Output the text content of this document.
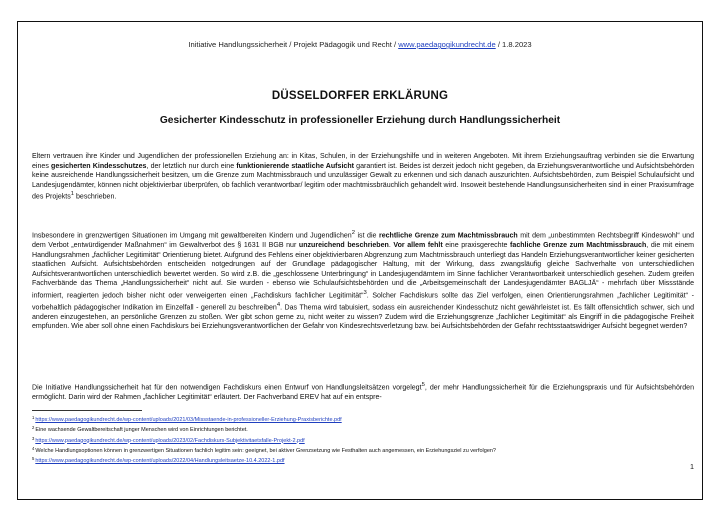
Initiative Handlungssicherheit / Projekt Pädagogik und Recht / www.paedagogikundrecht.de / 1.8.2023
DÜSSELDORFER ERKLÄRUNG
Gesicherter Kindesschutz in professioneller Erziehung durch Handlungssicherheit
Eltern vertrauen ihre Kinder und Jugendlichen der professionellen Erziehung an: in Kitas, Schulen, in der Erziehungshilfe und in weiteren Angeboten. Mit ihrem Erziehungsauftrag verbinden sie die Erwartung eines gesicherten Kindesschutzes, der letztlich nur durch eine funktionierende staatliche Aufsicht garantiert ist. Beides ist derzeit jedoch nicht gegeben, da Erziehungsverantwortliche und Aufsichtsbehörden keine ausreichende Handlungssicherheit besitzen, um die Grenze zum Machtmissbrauch und unzulässiger Gewalt zu erkennen und sich danach auszurichten. Aufsichtsbehörden, zum Beispiel Schulaufsicht und Landesjugendämter, können nicht objektivierbar überprüfen, ob fachlich verantwortbar/ legitim oder machtmissbräuchlich gehandelt wird. Insoweit bestehende Handlungsunsicherheiten sind in einer Praxisumfrage des Projekts$^1$ beschrieben.
Insbesondere in grenzwertigen Situationen im Umgang mit gewaltbereiten Kindern und Jugendlichen$^2$ ist die rechtliche Grenze zum Machtmissbrauch mit dem „unbestimmten Rechtsbegriff Kindeswohl“ und dem Verbot „entwürdigender Maßnahmen“ im Gewaltverbot des § 1631 II BGB nur unzureichend beschrieben. Vor allem fehlt eine praxisgerechte fachliche Grenze zum Machtmissbrauch, die mit einem Handlungsrahmen „fachlicher Legitimität“ Orientierung bietet. Aufgrund des Fehlens einer objektivierbaren Abgrenzung zum Machtmissbrauch unterliegt das Handeln Erziehungsverantwortlicher keiner gesicherten staatlichen Aufsicht. Aufsichtsbehörden entscheiden notgedrungen auf der Grundlage pädagogischer Haltung, mit der Wirkung, dass zwangsläufig gleiche Sachverhalte von unterschiedlichen Aufsichtsverantwortlichen unterschiedlich bewertet werden. So wird z.B. die „geschlossene Unterbringung“ in Landesjugendämtern im Sinne fachlicher Verantwortbarkeit unterschiedlich gesehen. Zudem greifen Fachverbände das Thema „Handlungssicherheit“ nicht auf. Sie wurden - ebenso wie Schulaufsichtsbehörden und die „Arbeitsgemeinschaft der Landesjugendämter BAGLJÄ“ - mehrfach über Missstände informiert, reagierten jedoch bisher nicht oder verweigerten einen „Fachdiskurs fachlicher Legitimität“$^3$. Solcher Fachdiskurs sollte das Ziel verfolgen, einen Orientierungsrahmen „fachlicher Legitimität“ - vorbehaltlich pädagogischer Indikation im Einzelfall - generell zu beschreiben$^4$. Das Thema wird tabuisiert, sodass ein ausreichender Kindesschutz nicht gewährleistet ist. Es fällt offensichtlich schwer, sich und anderen einzugestehen, an persönliche Grenzen zu stoßen. Wer gibt schon gerne zu, nicht weiter zu wissen? Zudem wird die Erziehungsgrenze „fachlicher Legitimität“ als Eingriff in die pädagogische Freiheit empfunden. Wie aber soll ohne einen Fachdiskurs bei Erziehungsverantwortlichen der Gefahr von Kindesrechtsverletzung bzw. bei Aufsichtsbehörden der Gefahr rechtsstaatswidriger Aufsicht begegnet werden?
Die Initiative Handlungssicherheit hat für den notwendigen Fachdiskurs einen Entwurf von Handlungsleitsätzen vorgelegt$^5$, der mehr Handlungssicherheit für die Erziehungspraxis und für Aufsichtsbehörden ermöglicht. Darin wird der Rahmen „fachlicher Legitimität“ erläutert. Der Fachverband EREV hat auf ein entspre-
$^1$https://www.paedagogikundrecht.de/wp-content/uploads/2021/03/Missstaende-in-professioneller-Erziehung-Praxisberichte.pdf
$^2$Eine wachsende Gewaltbereitschaft junger Menschen wird von Einrichtungen berichtet.
$^3$https://www.paedagogikundrecht.de/wp-content/uploads/2023/02/Fachdiskurs-Subjektivitaetsfalle-Projekt-2.pdf
$^4$Welche Handlungsoptionen können in grenzwertigen Situationen fachlich legitim sein: geeignet, bei aktiver Grenzsetzung wie Festhalten auch angemessen, ein Erziehungsziel zu verfolgen?
$^5$https://www.paedagogikundrecht.de/wp-content/uploads/2022/04/Handlungsleitsaetze-10.4.2022-1.pdf
1
